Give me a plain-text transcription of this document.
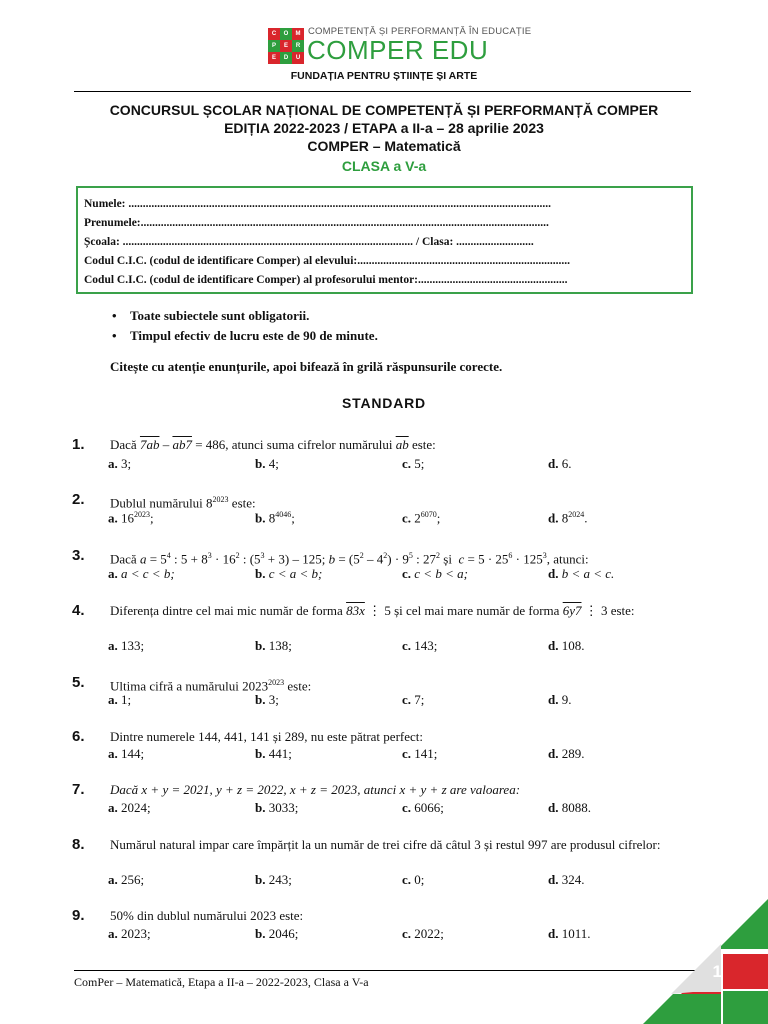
C	O	M
P	E	R
E	D	U
COMPETENȚĂ ȘI PERFORMANȚĂ ÎN EDUCAȚIE
COMPER EDU
FUNDAȚIA PENTRU ȘTIINȚE ȘI ARTE
CONCURSUL ȘCOLAR NAȚIONAL DE COMPETENȚĂ ȘI PERFORMANȚĂ COMPER
EDIȚIA 2022-2023 / ETAPA a II-a – 28 aprilie 2023
COMPER – Matematică
CLASA a V-a
Numele: ...................................................................................................................................................
Prenumele:..............................................................................................................................................
Școala: ..................................................................................................... / Clasa: ...........................
Codul C.I.C. (codul de identificare Comper) al elevului:..........................................................................
Codul C.I.C. (codul de identificare Comper) al profesorului mentor:....................................................
• Toate subiectele sunt obligatorii.
• Timpul efectiv de lucru este de 90 de minute.
Citește cu atenție enunțurile, apoi bifează în grilă răspunsurile corecte.
STANDARD
1. Dacă 7ab – ab7 = 486, atunci suma cifrelor numărului $\overline{ab}$ este:
a. 3;	b. 4;	c. 5;	d. 6.
2. Dublul numărului $8^{2023}$ este:
a. $16^{2023}$;	b. $8^{4046}$;	c. $2^{6070}$;	d. $8^{2024}$.
3. Dacă $a = 5^4$ : $5 + 8^3 \cdot 16^2$ : $(5^3 + 3) - 125$; $b = (5^2 - 4^2) \cdot 9^5$ : $27^2$ și  $c = 5 \cdot 25^6 \cdot 125^3$, atunci:
a. a < c < b;	b. c < a < b;	c. c < b < a;	d. b < a < c.
4. Diferența dintre cel mai mic număr de forma 83x ⋮ 5 și cel mai mare număr de forma 6y7 ⋮ 3 este:
a. 133;	b. 138;	c. 143;	d. 108.
5. Ultima cifră a numărului $2023^{2023}$ este:
a. 1;	b. 3;	c. 7;	d. 9.
6. Dintre numerele 144, 441, 141 și 289, nu este pătrat perfect:
a. 144;	b. 441;	c. 141;	d. 289.
7. Dacă x + y = 2021, y + z = 2022, x + z = 2023, atunci x + y + z are valoarea:
a. 2024;	b. 3033;	c. 6066;	d. 8088.
8. Numărul natural impar care împărțit la un număr de trei cifre dă câtul 3 și restul 997 are produsul cifrelor:
a. 256;	b. 243;	c. 0;	d. 324.
9. 50% din dublul numărului 2023 este:
a. 2023;	b. 2046;	c. 2022;	d. 1011.
ComPer – Matematică, Etapa a II-a – 2022-2023, Clasa a V-a
1
